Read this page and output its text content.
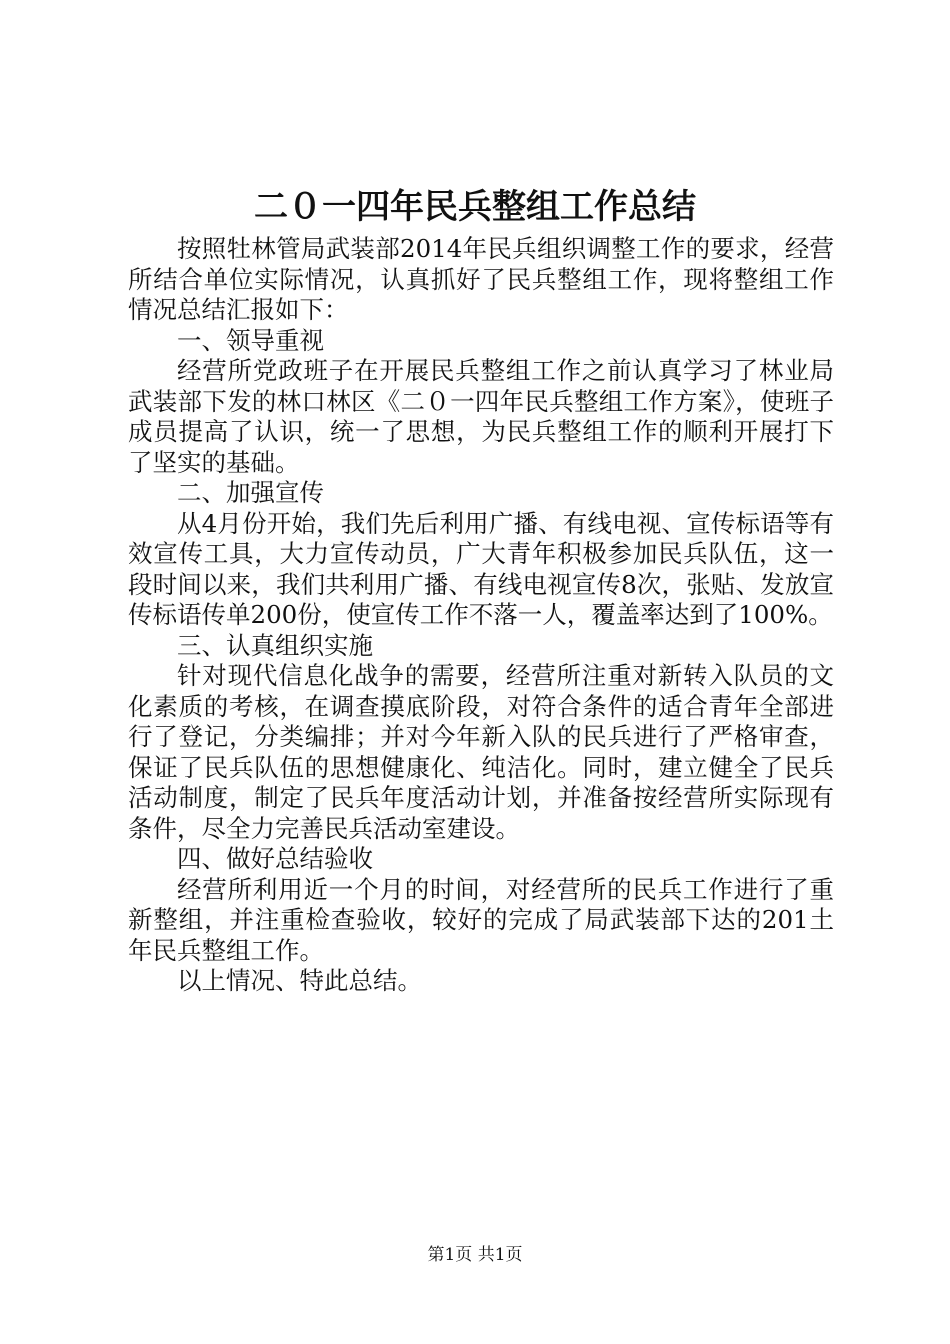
二０一四年民兵整组工作总结

按照牡林管局武装部2014年民兵组织调整工作的要求，经营所结合单位实际情况，认真抓好了民兵整组工作，现将整组工作情况总结汇报如下：

一、领导重视

经营所党政班子在开展民兵整组工作之前认真学习了林业局武装部下发的林口林区《二０一四年民兵整组工作方案》，使班子成员提高了认识，统一了思想，为民兵整组工作的顺利开展打下了坚实的基础。

二、加强宣传

从4月份开始，我们先后利用广播、有线电视、宣传标语等有效宣传工具，大力宣传动员，广大青年积极参加民兵队伍，这一段时间以来，我们共利用广播、有线电视宣传8次，张贴、发放宣传标语传单200份，使宣传工作不落一人，覆盖率达到了100%。

三、认真组织实施

针对现代信息化战争的需要，经营所注重对新转入队员的文化素质的考核，在调查摸底阶段，对符合条件的适合青年全部进行了登记，分类编排；并对今年新入队的民兵进行了严格审查，保证了民兵队伍的思想健康化、纯洁化。同时，建立健全了民兵活动制度，制定了民兵年度活动计划，并准备按经营所实际现有条件，尽全力完善民兵活动室建设。

四、做好总结验收

经营所利用近一个月的时间，对经营所的民兵工作进行了重新整组，并注重检查验收，较好的完成了局武装部下达的201土年民兵整组工作。

以上情况、特此总结。

第1页 共1页
